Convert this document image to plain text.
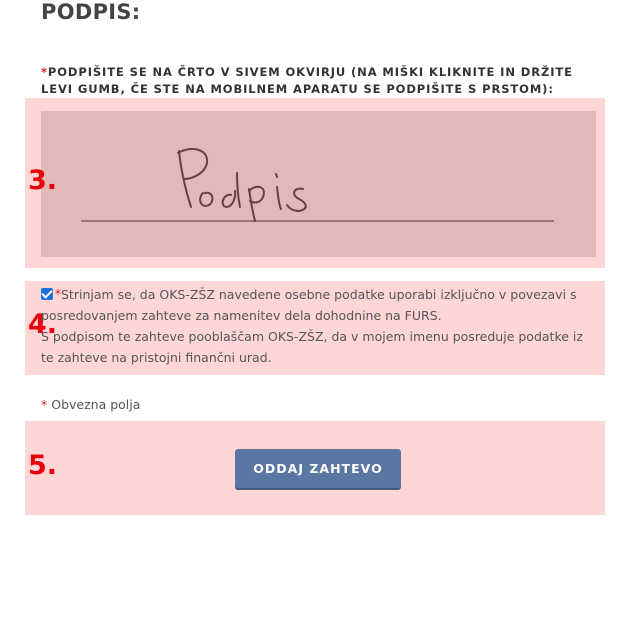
PODPIS:
*PODPIŠITE SE NA ČRTO V SIVEM OKVIRJU (NA MIŠKI KLIKNITE IN DRŽITE LEVI GUMB, ČE STE NA MOBILNEM APARATU SE PODPIŠITE S PRSTOM):
3.
4.
5.
*Strinjam se, da OKS-ZŠZ navedene osebne podatke uporabi izključno v povezavi s posredovanjem zahteve za namenitev dela dohodnine na FURS.
S podpisom te zahteve pooblaščam OKS-ZŠZ, da v mojem imenu posreduje podatke iz te zahteve na pristojni finančni urad.
* Obvezna polja
ODDAJ ZAHTEVO
